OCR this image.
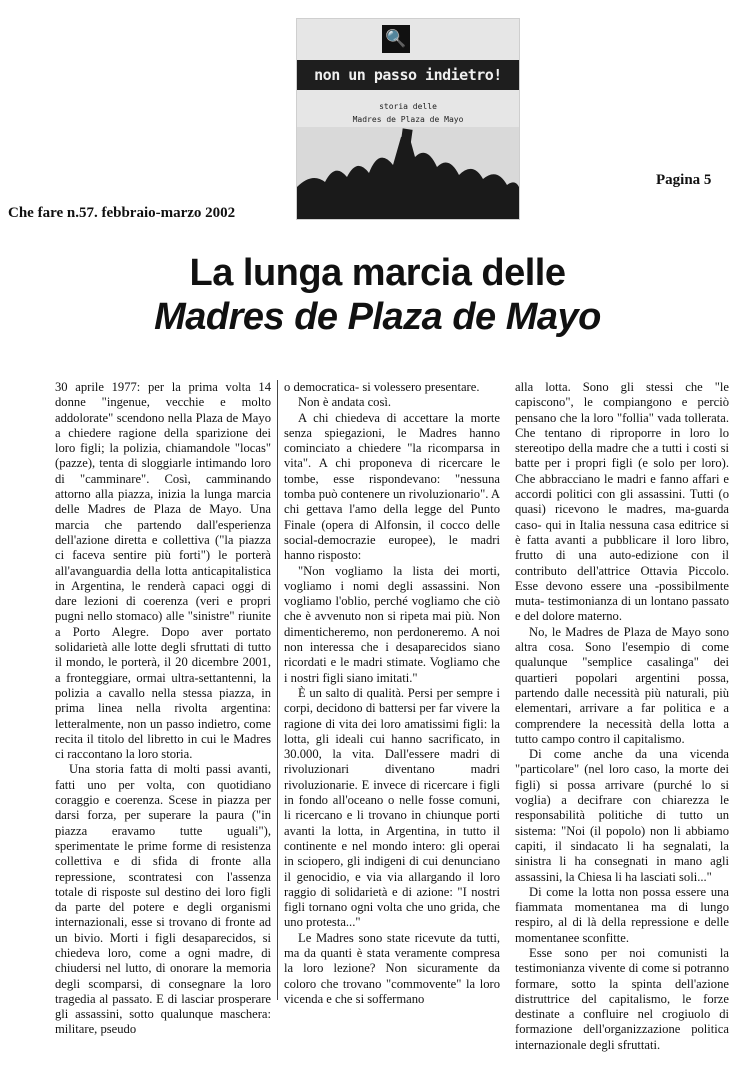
🔍
non un passo indietro!
storia delle
Madres de Plaza de Mayo
Pagina 5
Che fare n.57. febbraio-marzo 2002
La lunga marcia delle
Madres de Plaza de Mayo

30 aprile 1977: per la prima volta 14 donne "ingenue, vecchie e molto addolorate" scendono nella Plaza de Mayo a chiedere ragione della sparizione dei loro figli; la polizia, chiamandole "locas" (pazze), tenta di sloggiarle intimando loro di "camminare". Così, camminando attorno alla piazza, inizia la lunga marcia delle Madres de Plaza de Mayo. Una marcia che partendo dall'esperienza dell'azione diretta e collettiva ("la piazza ci faceva sentire più forti") le porterà all'avanguardia della lotta anticapitalistica in Argentina, le renderà capaci oggi di dare lezioni di coerenza (veri e propri pugni nello stomaco) alle "sinistre" riunite a Porto Alegre. Dopo aver portato solidarietà alle lotte degli sfruttati di tutto il mondo, le porterà, il 20 dicembre 2001, a fronteggiare, ormai ultra-settantenni, la polizia a cavallo nella stessa piazza, in prima linea nella rivolta argentina: letteralmente, non un passo indietro, come recita il titolo del libretto in cui le Madres ci raccontano la loro storia.

Una storia fatta di molti passi avanti, fatti uno per volta, con quotidiano coraggio e coerenza. Scese in piazza per darsi forza, per superare la paura ("in piazza eravamo tutte uguali"), sperimentate le prime forme di resistenza collettiva e di sfida di fronte alla repressione, scontratesi con l'assenza totale di risposte sul destino dei loro figli da parte del potere e degli organismi internazionali, esse si trovano di fronte ad un bivio. Morti i figli desaparecidos, si chiedeva loro, come a ogni madre, di chiudersi nel lutto, di onorare la memoria degli scomparsi, di consegnare la loro tragedia al passato. E di lasciar prosperare gli assassini, sotto qualunque maschera: militare, pseudo

o democratica- si volessero presentare.

Non è andata così.

A chi chiedeva di accettare la morte senza spiegazioni, le Madres hanno cominciato a chiedere "la ricomparsa in vita". A chi proponeva di ricercare le tombe, esse rispondevano: "nessuna tomba può contenere un rivoluzionario". A chi gettava l'amo della legge del Punto Finale (opera di Alfonsin, il cocco delle social-democrazie europee), le madri hanno risposto:

"Non vogliamo la lista dei morti, vogliamo i nomi degli assassini. Non vogliamo l'oblio, perché vogliamo che ciò che è avvenuto non si ripeta mai più. Non dimenticheremo, non perdoneremo. A noi non interessa che i desaparecidos siano ricordati e le madri stimate. Vogliamo che i nostri figli siano imitati."

È un salto di qualità. Persi per sempre i corpi, decidono di battersi per far vivere la ragione di vita dei loro amatissimi figli: la lotta, gli ideali cui hanno sacrificato, in 30.000, la vita. Dall'essere madri di rivoluzionari diventano madri rivoluzionarie. E invece di ricercare i figli in fondo all'oceano o nelle fosse comuni, li ricercano e li trovano in chiunque porti avanti la lotta, in Argentina, in tutto il continente e nel mondo intero: gli operai in sciopero, gli indigeni di cui denunciano il genocidio, e via via allargando il loro raggio di solidarietà e di azione: "I nostri figli tornano ogni volta che uno grida, che uno protesta..."

Le Madres sono state ricevute da tutti, ma da quanti è stata veramente compresa la loro lezione? Non sicuramente da coloro che trovano "commovente" la loro vicenda e che si soffermano

alla lotta. Sono gli stessi che "le capiscono", le compiangono e perciò pensano che la loro "follia" vada tollerata. Che tentano di riproporre in loro lo stereotipo della madre che a tutti i costi si batte per i propri figli (e solo per loro). Che abbracciano le madri e fanno affari e accordi politici con gli assassini. Tutti (o quasi) ricevono le madres, ma-guarda caso- qui in Italia nessuna casa editrice si è fatta avanti a pubblicare il loro libro, frutto di una auto-edizione con il contributo dell'attrice Ottavia Piccolo. Esse devono essere una -possibilmente muta- testimonianza di un lontano passato e del dolore materno.

No, le Madres de Plaza de Mayo sono altra cosa. Sono l'esempio di come qualunque "semplice casalinga" dei quartieri popolari argentini possa, partendo dalle necessità più naturali, più elementari, arrivare a far politica e a comprendere la necessità della lotta a tutto campo contro il capitalismo.

Di come anche da una vicenda "particolare" (nel loro caso, la morte dei figli) si possa arrivare (purché lo si voglia) a decifrare con chiarezza le responsabilità politiche di tutto un sistema: "Noi (il popolo) non li abbiamo capiti, il sindacato li ha segnalati, la sinistra li ha consegnati in mano agli assassini, la Chiesa li ha lasciati soli..."

Di come la lotta non possa essere una fiammata momentanea ma di lungo respiro, al di là della repressione e delle momentanee sconfitte.

Esse sono per noi comunisti la testimonianza vivente di come si potranno formare, sotto la spinta dell'azione distruttrice del capitalismo, le forze destinate a confluire nel crogiuolo di formazione dell'organizzazione politica internazionale degli sfruttati.
